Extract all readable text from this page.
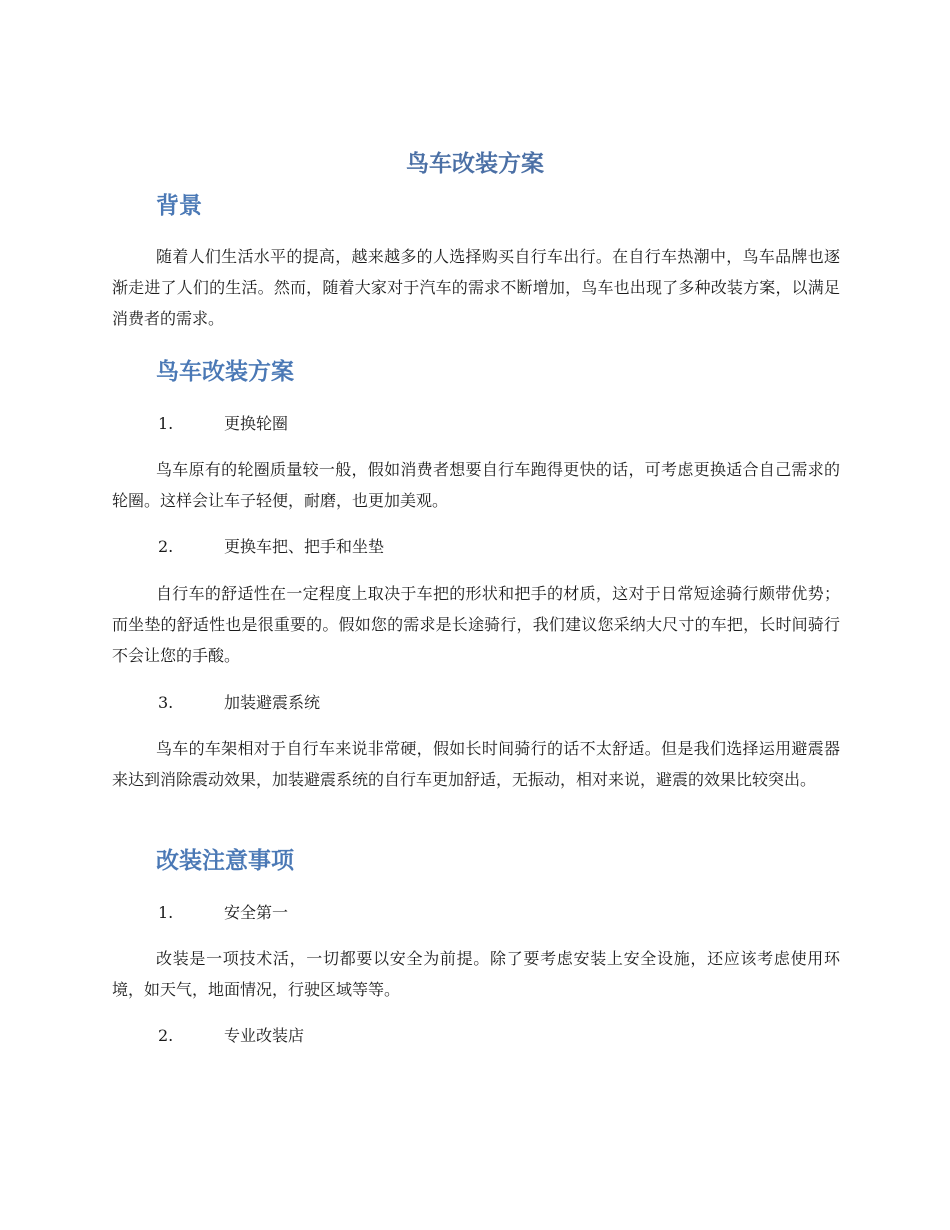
鸟车改装方案
背景

随着人们生活水平的提高，越来越多的人选择购买自行车出行。在自行车热潮中，鸟车品牌也逐渐走进了人们的生活。然而，随着大家对于汽车的需求不断增加，鸟车也出现了多种改装方案，以满足消费者的需求。

鸟车改装方案

1.	更换轮圈

鸟车原有的轮圈质量较一般，假如消费者想要自行车跑得更快的话，可考虑更换适合自己需求的轮圈。这样会让车子轻便，耐磨，也更加美观。

2.	更换车把、把手和坐垫

自行车的舒适性在一定程度上取决于车把的形状和把手的材质，这对于日常短途骑行颇带优势；而坐垫的舒适性也是很重要的。假如您的需求是长途骑行，我们建议您采纳大尺寸的车把，长时间骑行不会让您的手酸。

3.	加装避震系统

鸟车的车架相对于自行车来说非常硬，假如长时间骑行的话不太舒适。但是我们选择运用避震器来达到消除震动效果，加装避震系统的自行车更加舒适，无振动，相对来说，避震的效果比较突出。

改装注意事项

1.	安全第一

改装是一项技术活，一切都要以安全为前提。除了要考虑安装上安全设施，还应该考虑使用环境，如天气，地面情况，行驶区域等等。

2.	专业改装店
